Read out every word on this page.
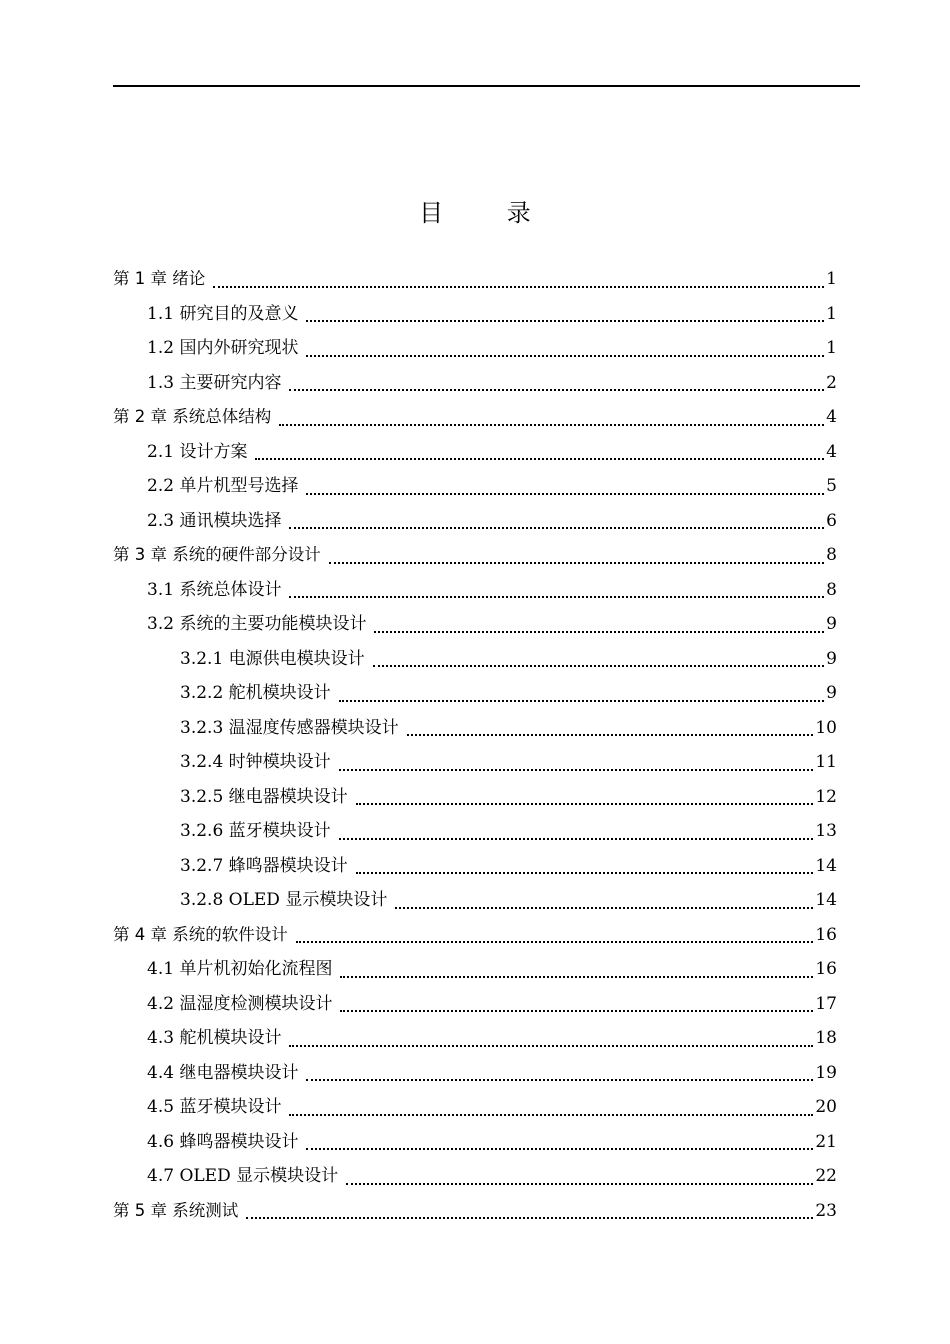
目 录
第 1 章 绪论	1
1.1 研究目的及意义	1
1.2 国内外研究现状	1
1.3 主要研究内容	2
第 2 章 系统总体结构	4
2.1 设计方案	4
2.2 单片机型号选择	5
2.3 通讯模块选择	6
第 3 章 系统的硬件部分设计	8
3.1 系统总体设计	8
3.2 系统的主要功能模块设计	9
3.2.1 电源供电模块设计	9
3.2.2 舵机模块设计	9
3.2.3 温湿度传感器模块设计	10
3.2.4 时钟模块设计	11
3.2.5 继电器模块设计	12
3.2.6 蓝牙模块设计	13
3.2.7 蜂鸣器模块设计	14
3.2.8 OLED 显示模块设计	14
第 4 章 系统的软件设计	16
4.1 单片机初始化流程图	16
4.2 温湿度检测模块设计	17
4.3 舵机模块设计	18
4.4 继电器模块设计	19
4.5 蓝牙模块设计	20
4.6 蜂鸣器模块设计	21
4.7 OLED 显示模块设计	22
第 5 章 系统测试	23
